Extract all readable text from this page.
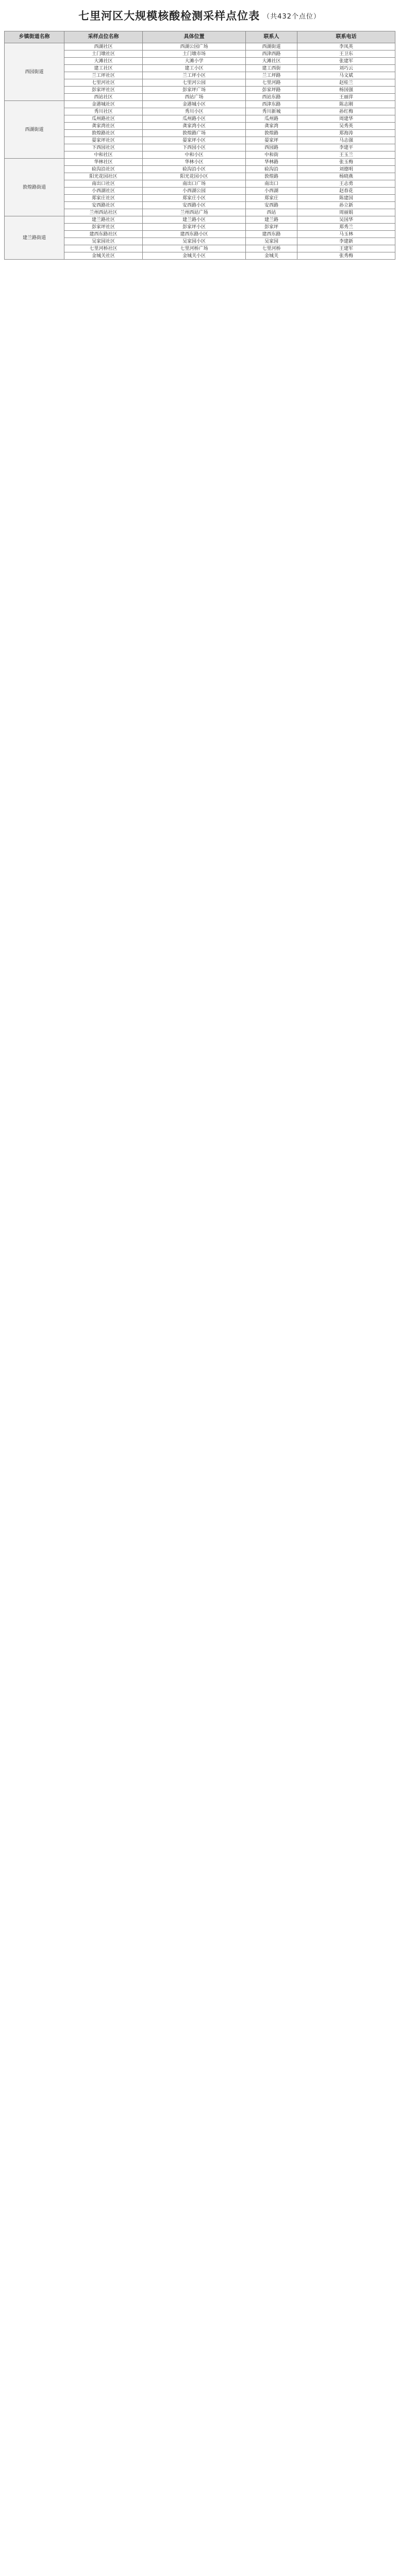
七里河区大规模核酸检测采样点位表 （共432个点位）
乡镇街道名称	采样点位名称	具体位置	联系人	联系电话	
西园街道	西湖社区	西湖公园广场	西湖街道	李凤英	
	土门墩社区	土门墩市场	西津西路	王卫东	
	大滩社区	大滩小学	大滩社区	张建军	
	建工社区	建工小区	建工西街	刘巧云	
	兰工坪社区	兰工坪小区	兰工坪路	马文斌	
	七里河社区	七里河公园	七里河路	赵桂兰	
	彭家坪社区	彭家坪广场	彭家坪路	杨国强	
	西站社区	西站广场	西站东路	王丽萍	
西湖街道	金港城社区	金港城小区	西津东路	陈志刚	
	秀川社区	秀川小区	秀川新城	孙红梅	
	瓜州路社区	瓜州路小区	瓜州路	周建华	
	龚家湾社区	龚家湾小区	龚家湾	吴秀英	
	敦煌路社区	敦煌路广场	敦煌路	郑海涛	
	晏家坪社区	晏家坪小区	晏家坪	马志强	
	下西园社区	下西园小区	西园路	李建平	
	中和社区	中和小区	中和街	王玉兰	
敦煌路街道	华林社区	华林小区	华林路	张玉梅	
	硷沟沿社区	硷沟沿小区	硷沟沿	刘德明	
	阳光花园社区	阳光花园小区	敦煌路	杨晓燕	
	南出口社区	南出口广场	南出口	王志勇	
	小西湖社区	小西湖公园	小西湖	赵春花	
	郑家庄社区	郑家庄小区	郑家庄	陈建国	
	安西路社区	安西路小区	安西路	孙立新	
	兰州西站社区	兰州西站广场	西站	周丽娟	
建兰路街道	建兰路社区	建兰路小区	建兰路	吴国华	
	彭家坪社区	彭家坪小区	彭家坪	郑秀兰	
	建西东路社区	建西东路小区	建西东路	马玉林	
	吴家园社区	吴家园小区	吴家园	李建新	
	七里河桥社区	七里河桥广场	七里河桥	王建军	
	金城关社区	金城关小区	金城关	张秀梅	
